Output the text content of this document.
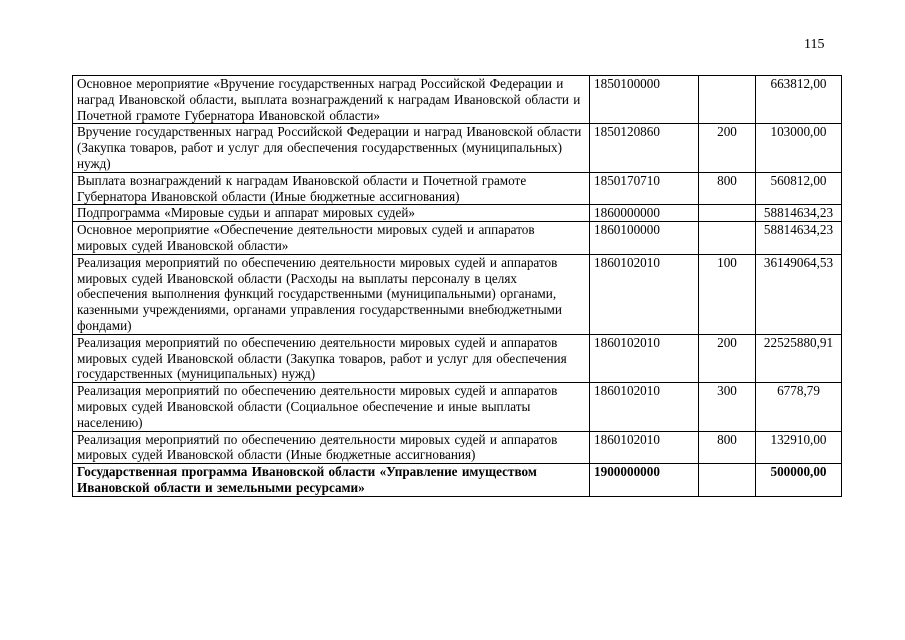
115
Основное мероприятие «Вручение государственных наград Российской Федерации и наград Ивановской области, выплата вознаграждений к наградам Ивановской области и Почетной грамоте Губернатора Ивановской области»	1850100000		663812,00
Вручение государственных наград Российской Федерации и наград Ивановской области (Закупка товаров, работ и услуг для обеспечения государственных (муниципальных) нужд)	1850120860	200	103000,00
Выплата вознаграждений к наградам Ивановской области и Почетной грамоте Губернатора Ивановской области (Иные бюджетные ассигнования)	1850170710	800	560812,00
Подпрограмма «Мировые судьи и аппарат мировых судей»	1860000000		58814634,23
Основное мероприятие «Обеспечение деятельности мировых судей и аппаратов мировых судей Ивановской области»	1860100000		58814634,23
Реализация мероприятий по обеспечению деятельности мировых судей и аппаратов мировых судей Ивановской области (Расходы на выплаты персоналу в целях обеспечения выполнения функций государственными (муниципальными) органами, казенными учреждениями, органами управления государственными внебюджетными фондами)	1860102010	100	36149064,53
Реализация мероприятий по обеспечению деятельности мировых судей и аппаратов мировых судей Ивановской области (Закупка товаров, работ и услуг для обеспечения государственных (муниципальных) нужд)	1860102010	200	22525880,91
Реализация мероприятий по обеспечению деятельности мировых судей и аппаратов мировых судей Ивановской области (Социальное обеспечение и иные выплаты населению)	1860102010	300	6778,79
Реализация мероприятий по обеспечению деятельности мировых судей и аппаратов мировых судей Ивановской области (Иные бюджетные ассигнования)	1860102010	800	132910,00
Государственная программа Ивановской области «Управление имуществом Ивановской области и земельными ресурсами»	1900000000		500000,00
